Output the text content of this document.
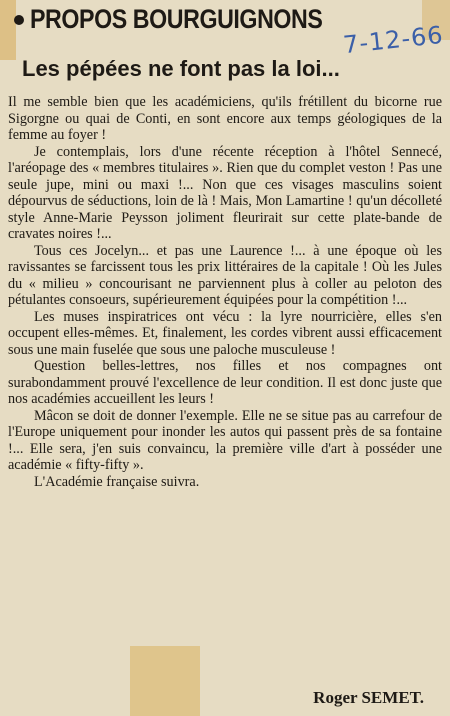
PROPOS BOURGUIGNONS
7-12-66
Les pépées ne font pas la loi...

Il me semble bien que les académiciens, qu'ils frétillent du bicorne rue Sigorgne ou quai de Conti, en sont encore aux temps géologiques de la femme au foyer !

Je contemplais, lors d'une récente réception à l'hôtel Sennecé, l'aréopage des « membres titulaires ». Rien que du complet veston ! Pas une seule jupe, mini ou maxi !... Non que ces visages masculins soient dépourvus de séductions, loin de là ! Mais, Mon Lamartine ! qu'un décolleté style Anne-Marie Peysson joliment fleurirait sur cette plate-bande de cravates noires !...

Tous ces Jocelyn... et pas une Laurence !... à une époque où les ravissantes se farcissent tous les prix littéraires de la capitale ! Où les Jules du « milieu » concourisant ne parviennent plus à coller au peloton des pétulantes consoeurs, supérieurement équipées pour la compétition !...

Les muses inspiratrices ont vécu : la lyre nourricière, elles s'en occupent elles-mêmes. Et, finalement, les cordes vibrent aussi efficacement sous une main fuselée que sous une paloche musculeuse !

Question belles-lettres, nos filles et nos compagnes ont surabondamment prouvé l'excellence de leur condition. Il est donc juste que nos académies accueillent les leurs !

Mâcon se doit de donner l'exemple. Elle ne se situe pas au carrefour de l'Europe uniquement pour inonder les autos qui passent près de sa fontaine !... Elle sera, j'en suis convaincu, la première ville d'art à posséder une académie « fifty-fifty ».

L'Académie française suivra.

Roger SEMET.
